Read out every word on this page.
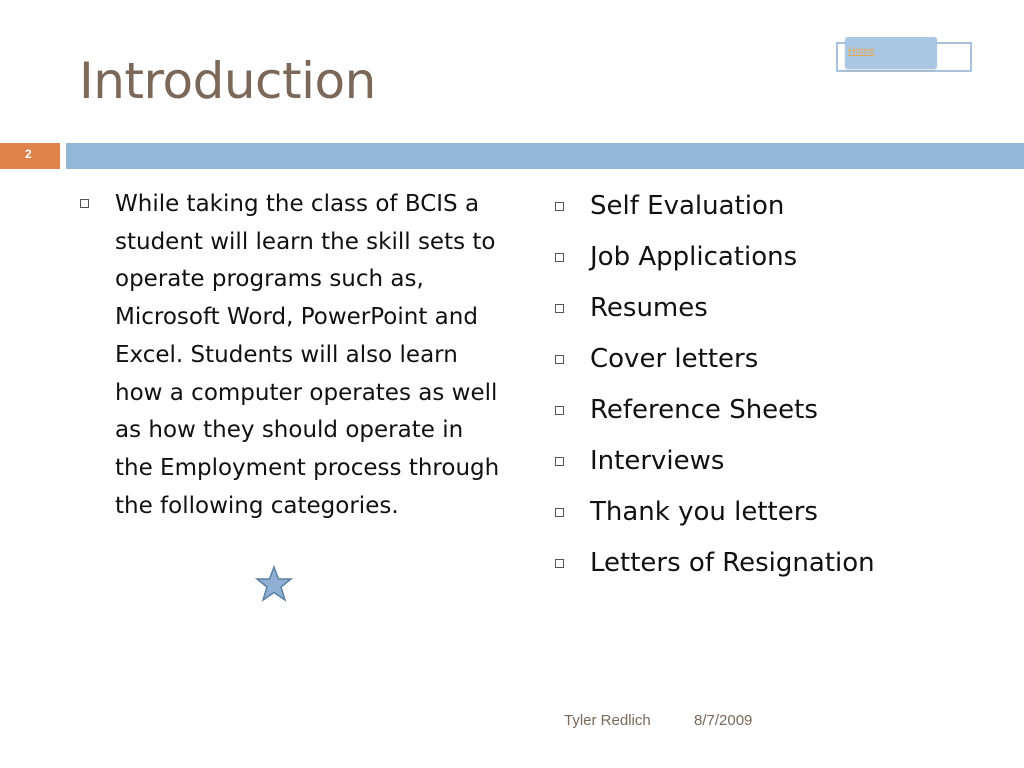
Introduction
Home
2
While taking the class of BCIS a student will learn the skill sets to operate programs such as, Microsoft Word, PowerPoint and Excel. Students will also learn how a computer operates as well as how they should operate in the Employment process through the following categories.
Self Evaluation
Job Applications
Resumes
Cover letters
Reference Sheets
Interviews
Thank you letters
Letters of Resignation
Tyler Redlich	8/7/2009
